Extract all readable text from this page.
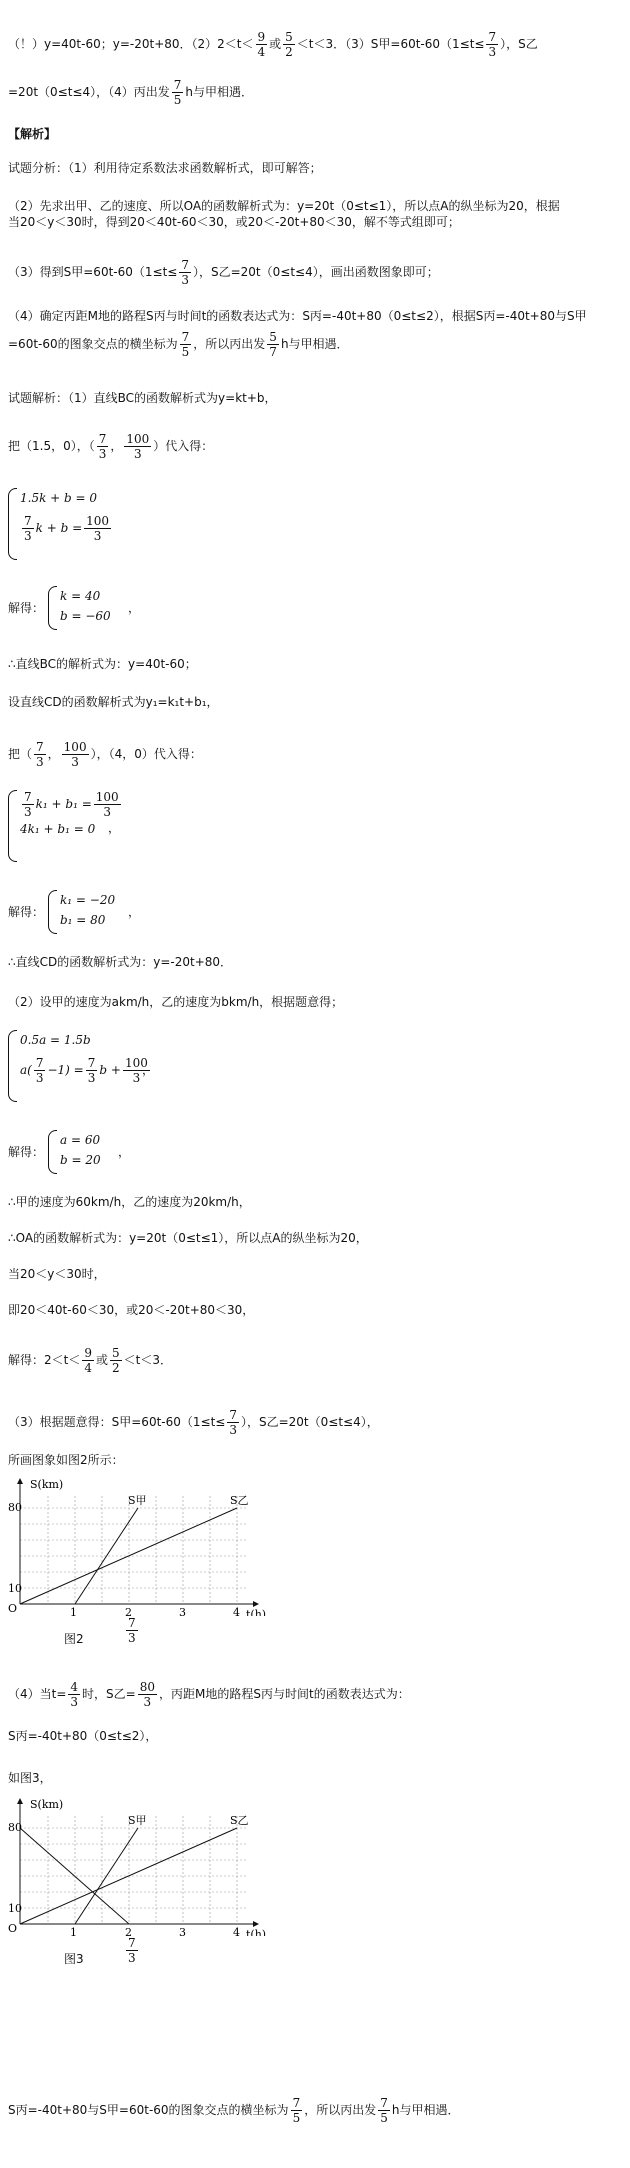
（！）y=40t-60；y=-20t+80．$(2)2<t< \frac{9}{4}$ 或 $\frac{5}{2} <t<3$．（3）S甲$=60t-60(1\le t\le \frac{7}{3}$ ），S乙
=20t（0≤t≤4），（4）丙出发 $\frac{7}{5}$ h与甲相遇．
【解析】
试题分析：（1）利用待定系数法求函数解析式，即可解答；
（2）先求出甲、乙的速度、所以OA的函数解析式为：y=20t（0≤t≤1），所以点A的纵坐标为20，根据
当20＜y＜30时，得到20＜40t-60＜30，或20＜-20t+80＜30，解不等式组即可；
（3）得到S甲$=60t-60(1\le t\le \frac{7}{3}$ ），S乙=20t（0≤t≤4），画出函数图象即可；
（4）确定丙距M地的路程S丙与时间t的函数表达式为：S丙=-40t+80（0≤t≤2），根据S丙=-40t+80与S甲
=60t-60的图象交点的横坐标为 $\frac{7}{5}$ ，所以丙出发 $\frac{5}{7}$ h与甲相遇．
试题解析：（1）直线BC的函数解析式为y=kt+b，
把（1.5，0），（ $\frac{7}{3}$ ， $\frac{100}{3}$ ）代入得：
1.5k + b = 0
$\frac{7}{3}$ $k + b = \frac{100}{3}$
解得：
k = 40
b = −60
，
∴直线BC的解析式为：y=40t-60；
设直线CD的函数解析式为y₁=k₁t+b₁，
把（ $\frac{7}{3}$ ， $\frac{100}{3}$ ），（4，0）代入得：
$\frac{7}{3} k_1 + b_1 = \frac{100}{3}$
4k₁ + b₁ = 0	，
解得：
k₁ = −20
b₁ = 80
，
∴直线CD的函数解析式为：y=-20t+80．
（2）设甲的速度为akm/h，乙的速度为bkm/h，根据题意得；
0.5a = 1.5b
$a( \frac{7}{3} -1) = \frac{7}{3}$ $b + \frac{100}{3}$
，
解得：
a = 60
b = 20
，
∴甲的速度为60km/h，乙的速度为20km/h，
∴OA的函数解析式为：y=20t（0≤t≤1），所以点A的纵坐标为20，
当20＜y＜30时，
即20＜40t-60＜30，或20＜-20t+80＜30，
解得：$2<t< \frac{9}{4}$ 或 $\frac{5}{2} <t<3$．
（3）根据题意得：S甲$=60t-60(1\le t\le \frac{7}{3}$ ），S乙=20t（0≤t≤4），
所画图象如图2所示：
S(km)
t(h)
O
80
10
1	2	3	4
S甲	S乙
图2	$\frac{7}{3}$
（4）当$t= \frac{4}{3}$ 时，S乙= $\frac{80}{3}$ ，丙距M地的路程S丙与时间t的函数表达式为：
S丙=-40t+80（0≤t≤2），
如图3，
S(km)
t(h)
O
80
10
1	2	3	4
S甲	S乙
图3	$\frac{7}{3}$
S丙=-40t+80与S甲=60t-60的图象交点的横坐标为 $\frac{7}{5}$ ，所以丙出发 $\frac{7}{5}$ h与甲相遇．
